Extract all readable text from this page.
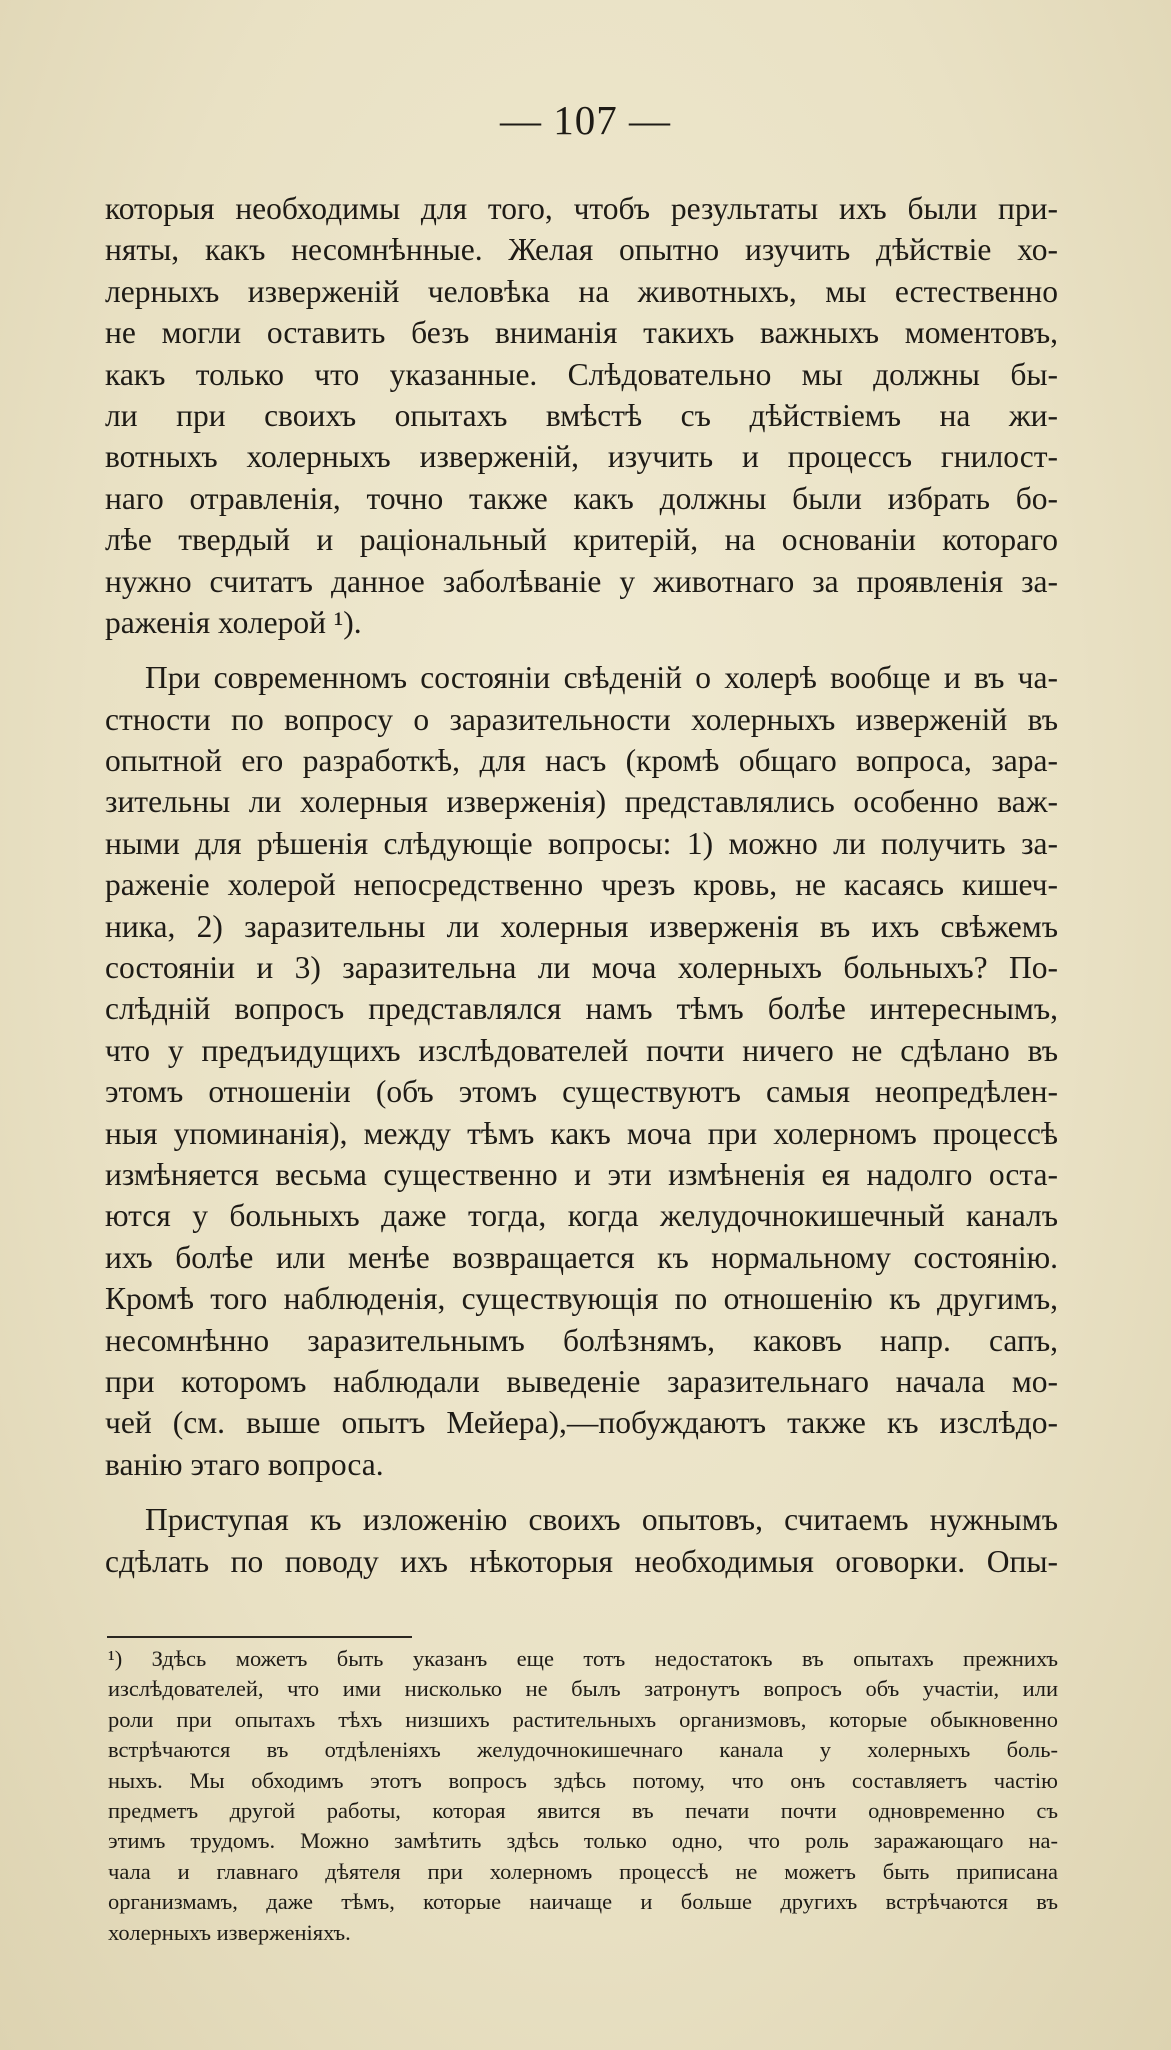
— 107 —
которыя необходимы для того, чтобъ результаты ихъ были при-
няты, какъ несомнѣнные. Желая опытно изучить дѣйствіе хо-
лерныхъ изверженій человѣка на животныхъ, мы естественно
не могли оставить безъ вниманія такихъ важныхъ моментовъ,
какъ только что указанные. Слѣдовательно мы должны бы-
ли при своихъ опытахъ вмѣстѣ съ дѣйствіемъ на жи-
вотныхъ холерныхъ изверженій, изучить и процессъ гнилост-
наго отравленія, точно также какъ должны были избрать бо-
лѣе твердый и раціональный критерій, на основаніи котораго
нужно считатъ данное заболѣваніе у животнаго за проявленія за-
раженія холерой ¹).
При современномъ состояніи свѣденій о холерѣ вообще и въ ча-
стности по вопросу о заразительности холерныхъ изверженій въ
опытной его разработкѣ, для насъ (кромѣ общаго вопроса, зара-
зительны ли холерныя изверженія) представлялись особенно важ-
ными для рѣшенія слѣдующіе вопросы: 1) можно ли получить за-
раженіе холерой непосредственно чрезъ кровь, не касаясь кишеч-
ника, 2) заразительны ли холерныя изверженія въ ихъ свѣжемъ
состояніи и 3) заразительна ли моча холерныхъ больныхъ? По-
слѣдній вопросъ представлялся намъ тѣмъ болѣе интереснымъ,
что у предъидущихъ изслѣдователей почти ничего не сдѣлано въ
этомъ отношеніи (объ этомъ существуютъ самыя неопредѣлен-
ныя упоминанія), между тѣмъ какъ моча при холерномъ процессѣ
измѣняется весьма существенно и эти измѣненія ея надолго оста-
ются у больныхъ даже тогда, когда желудочнокишечный каналъ
ихъ болѣе или менѣе возвращается къ нормальному состоянію.
Кромѣ того наблюденія, существующія по отношенію къ другимъ,
несомнѣнно заразительнымъ болѣзнямъ, каковъ напр. сапъ,
при которомъ наблюдали выведеніе заразительнаго начала мо-
чей (см. выше опытъ Мейера),—побуждаютъ также къ изслѣдо-
ванію этаго вопроса.
Приступая къ изложенію своихъ опытовъ, считаемъ нужнымъ
сдѣлать по поводу ихъ нѣкоторыя необходимыя оговорки. Опы-
¹) Здѣсь можетъ быть указанъ еще тотъ недостатокъ въ опытахъ прежнихъ
изслѣдователей, что ими нисколько не былъ затронутъ вопросъ объ участіи, или
роли при опытахъ тѣхъ низшихъ растительныхъ организмовъ, которые обыкновенно
встрѣчаются въ отдѣленіяхъ желудочнокишечнаго канала у холерныхъ боль-
ныхъ. Мы обходимъ этотъ вопросъ здѣсь потому, что онъ составляетъ частію
предметъ другой работы, которая явится въ печати почти одновременно съ
этимъ трудомъ. Можно замѣтить здѣсь только одно, что роль заражающаго на-
чала и главнаго дѣятеля при холерномъ процессѣ не можетъ быть приписана
организмамъ, даже тѣмъ, которые наичаще и больше другихъ встрѣчаются въ
холерныхъ изверженіяхъ.
